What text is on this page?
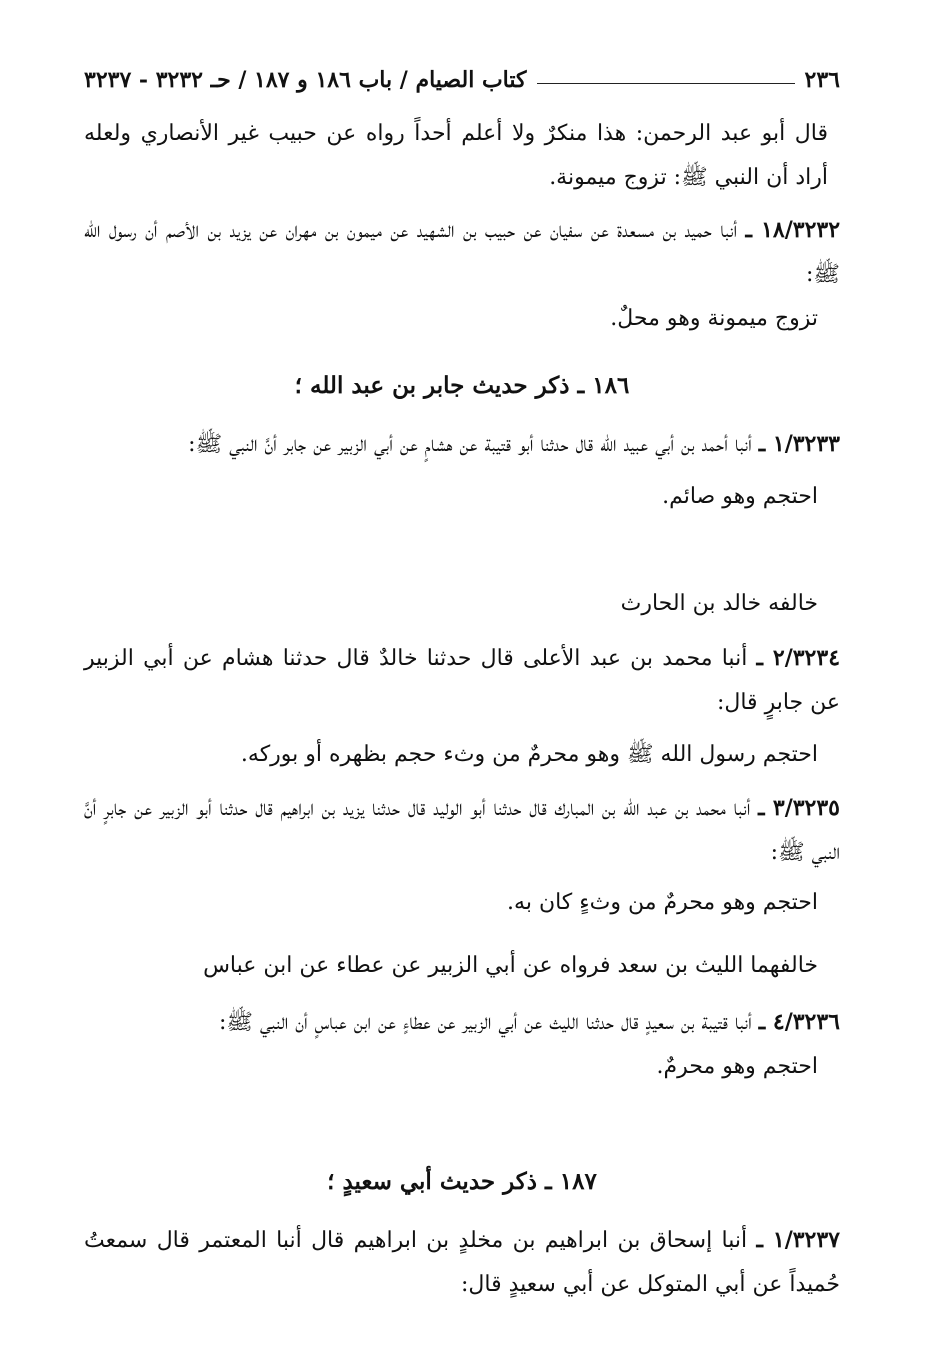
٢٣٦
كتاب الصيام / باب ١٨٦ و ١٨٧ / حـ ٣٢٣٢ - ٣٢٣٧

قال أبو عبد الرحمن: هذا منكرٌ ولا أعلم أحداً رواه عن حبيب غير الأنصاري ولعله أراد أن النبي ﷺ: تزوج ميمونة.

١٨/٣٢٣٢ ـ أنبا حميد بن مسعدة عن سفيان عن حبيب بن الشهيد عن ميمون بن مهران عن يزيد بن الأصم أن رسول الله ﷺ:

تزوج ميمونة وهو محلٌ.

١٨٦ ـ ذكر حديث جابر بن عبد الله ؛

١/٣٢٣٣ ـ أنبا أحمد بن أبي عبيد الله قال حدثنا أبو قتيبة عن هشامٍ عن أبي الزبير عن جابر أنَّ النبي ﷺ:

احتجم وهو صائم.

خالفه خالد بن الحارث

٢/٣٢٣٤ ـ أنبا محمد بن عبد الأعلى قال حدثنا خالدٌ قال حدثنا هشام عن أبي الزبير عن جابرٍ قال:

احتجم رسول الله ﷺ وهو محرمٌ من وثء حجم بظهره أو بوركه.

٣/٣٢٣٥ ـ أنبا محمد بن عبد الله بن المبارك قال حدثنا أبو الوليد قال حدثنا يزيد بن ابراهيم قال حدثنا أبو الزبير عن جابرٍ أنَّ النبي ﷺ:

احتجم وهو محرمٌ من وثءٍ كان به.

خالفهما الليث بن سعد فرواه عن أبي الزبير عن عطاء عن ابن عباس

٤/٣٢٣٦ ـ أنبا قتيبة بن سعيدٍ قال حدثنا الليث عن أبي الزبير عن عطاءٍ عن ابن عباسٍ أن النبي ﷺ:

احتجم وهو محرمٌ.

١٨٧ ـ ذكر حديث أبي سعيدٍ ؛

١/٣٢٣٧ ـ أنبا إسحاق بن ابراهيم بن مخلدٍ بن ابراهيم قال أنبا المعتمر قال سمعتُ حُميداً عن أبي المتوكل عن أبي سعيدٍ قال:
